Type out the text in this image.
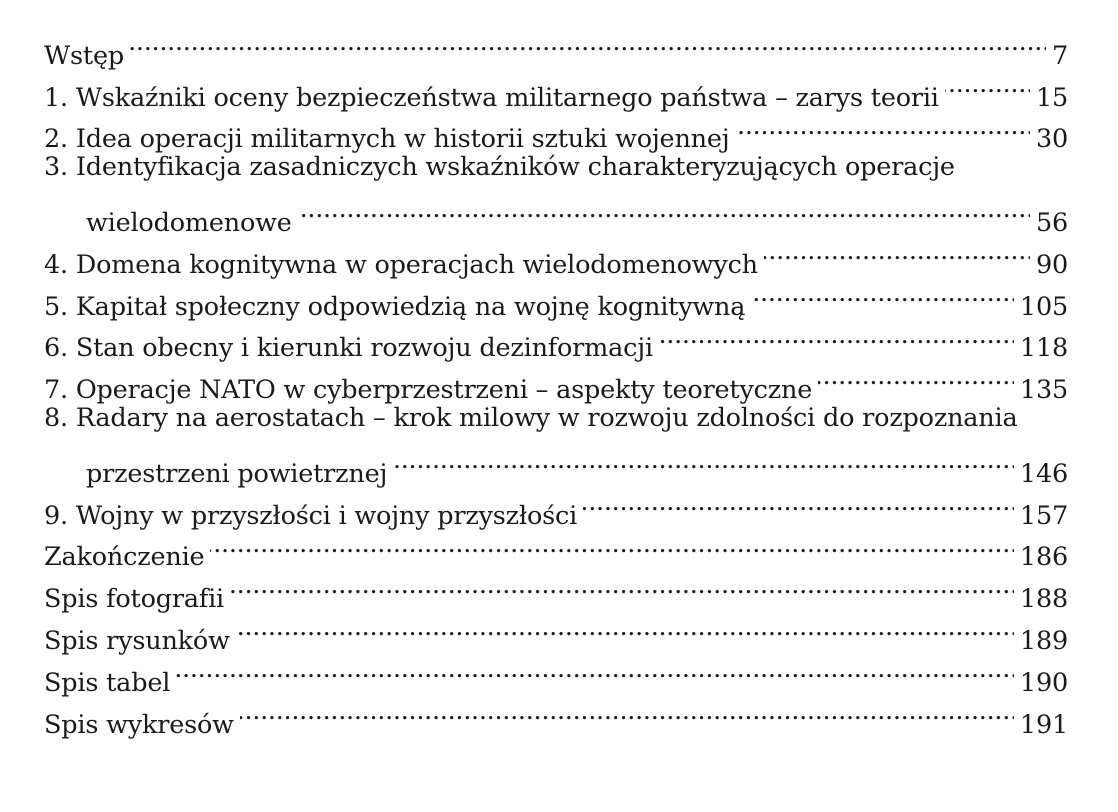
Wstęp . . .	7
1. Wskaźniki oceny bezpieczeństwa militarnego państwa – zarys teorii . . .	15
2. Idea operacji militarnych w historii sztuki wojennej . . .	30
3. Identyfikacja zasadniczych wskaźników charakteryzujących operacje
wielodomenowe . . .	56
4. Domena kognitywna w operacjach wielodomenowych . . .	90
5. Kapitał społeczny odpowiedzią na wojnę kognitywną . . .	105
6. Stan obecny i kierunki rozwoju dezinformacji . . .	118
7. Operacje NATO w cyberprzestrzeni – aspekty teoretyczne . . .	135
8. Radary na aerostatach – krok milowy w rozwoju zdolności do rozpoznania
przestrzeni powietrznej . . .	146
9. Wojny w przyszłości i wojny przyszłości . . .	157
Zakończenie . . .	186
Spis fotografii . . .	188
Spis rysunków . . .	189
Spis tabel . . .	190
Spis wykresów . . .	191
